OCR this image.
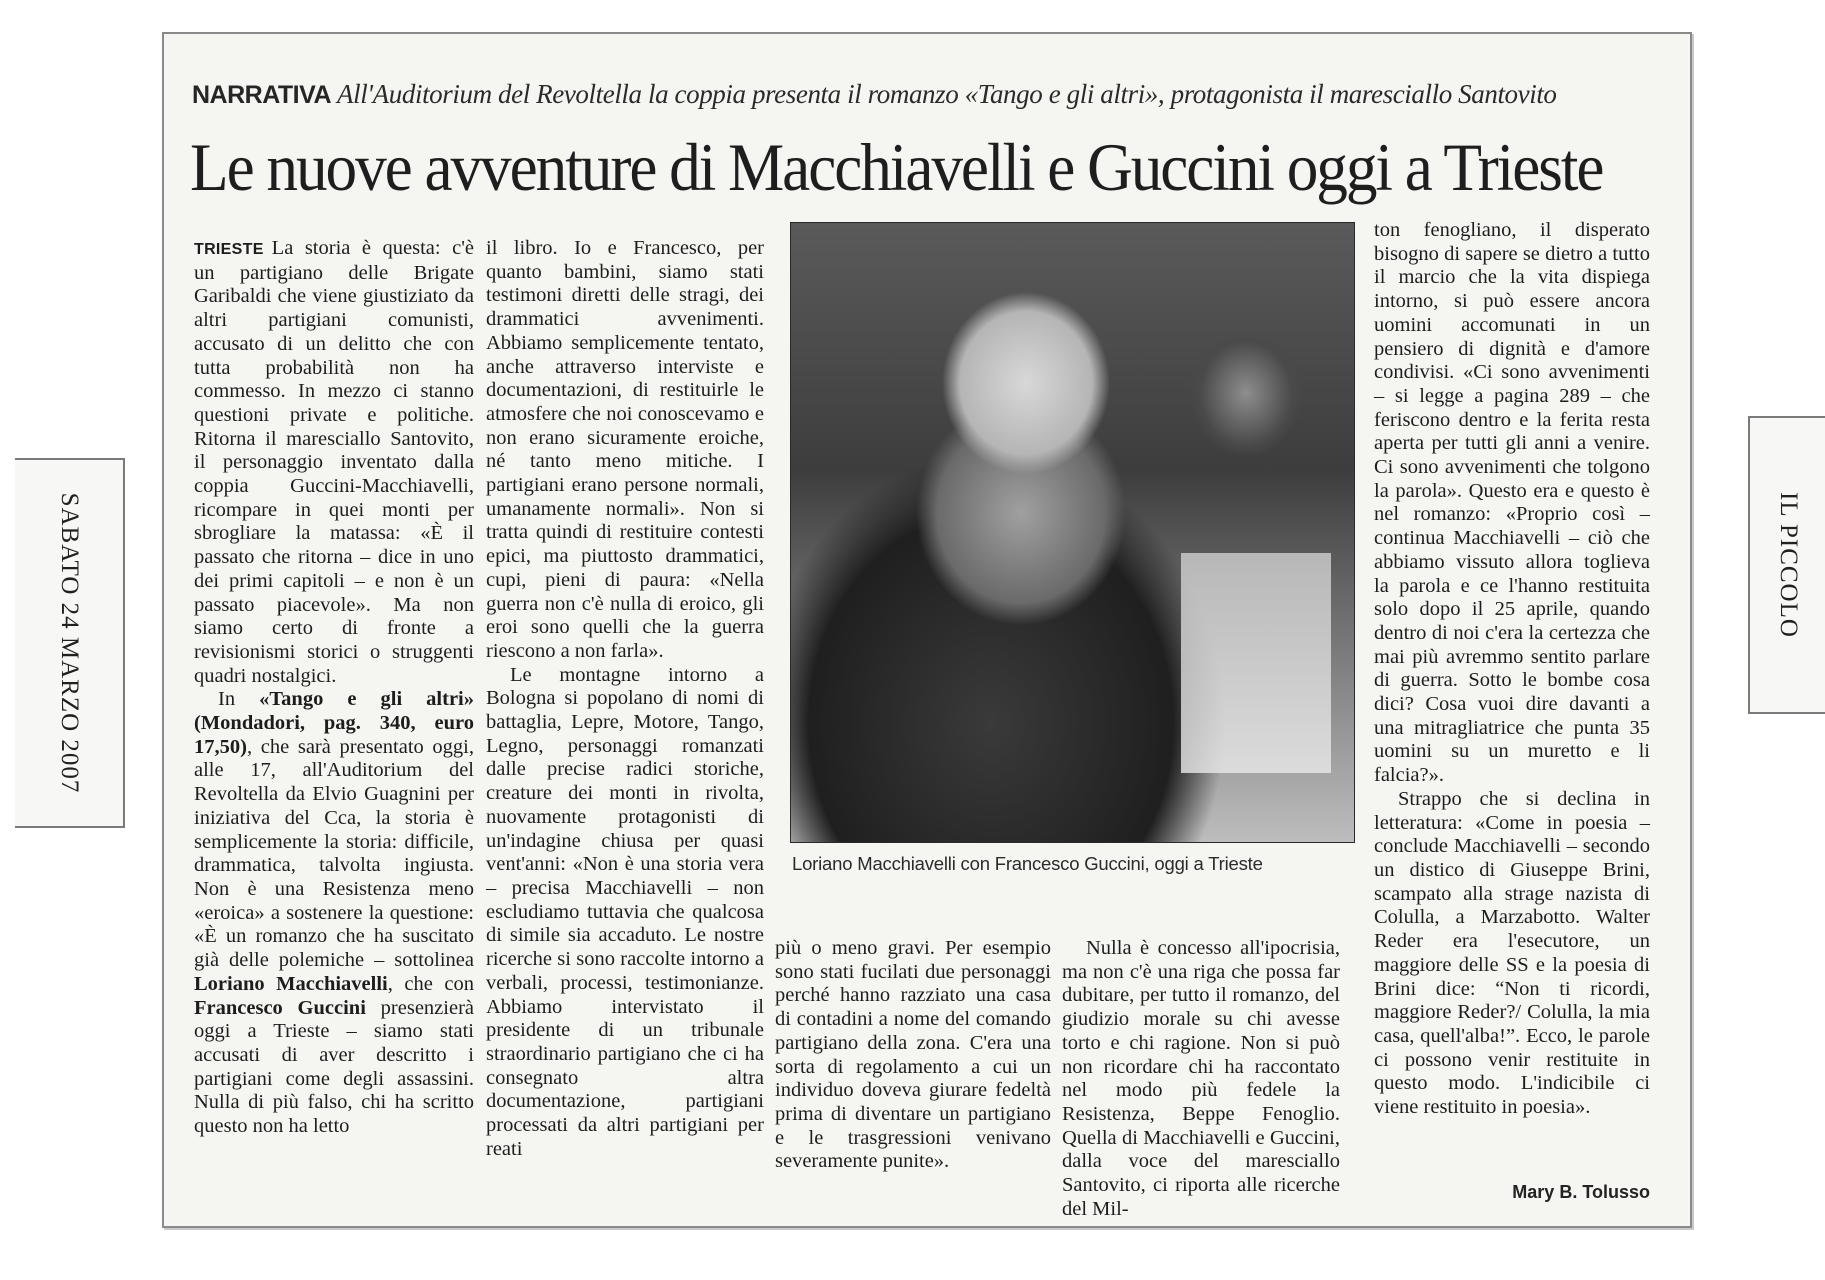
SABATO 24 MARZO 2007	IL PICCOLO
NARRATIVA All'Auditorium del Revoltella la coppia presenta il romanzo «Tango e gli altri», protagonista il maresciallo Santovito
Le nuove avventure di Macchiavelli e Guccini oggi a Trieste

TRIESTE La storia è questa: c'è un partigiano delle Brigate Garibaldi che viene giustiziato da altri partigiani comunisti, accusato di un delitto che con tutta probabilità non ha commesso. In mezzo ci stanno questioni private e politiche. Ritorna il maresciallo Santovito, il personaggio inventato dalla coppia Guccini-Macchiavelli, ricompare in quei monti per sbrogliare la matassa: «È il passato che ritorna – dice in uno dei primi capitoli – e non è un passato piacevole». Ma non siamo certo di fronte a revisionismi storici o struggenti quadri nostalgici.

In «Tango e gli altri» (Mondadori, pag. 340, euro 17,50), che sarà presentato oggi, alle 17, all'Auditorium del Revoltella da Elvio Guagnini per iniziativa del Cca, la storia è semplicemente la storia: difficile, drammatica, talvolta ingiusta. Non è una Resistenza meno «eroica» a sostenere la questione: «È un romanzo che ha suscitato già delle polemiche – sottolinea Loriano Macchiavelli, che con Francesco Guccini presenzierà oggi a Trieste – siamo stati accusati di aver descritto i partigiani come degli assassini. Nulla di più falso, chi ha scritto questo non ha letto

il libro. Io e Francesco, per quanto bambini, siamo stati testimoni diretti delle stragi, dei drammatici avvenimenti. Abbiamo semplicemente tentato, anche attraverso interviste e documentazioni, di restituirle le atmosfere che noi conoscevamo e non erano sicuramente eroiche, né tanto meno mitiche. I partigiani erano persone normali, umanamente normali». Non si tratta quindi di restituire contesti epici, ma piuttosto drammatici, cupi, pieni di paura: «Nella guerra non c'è nulla di eroico, gli eroi sono quelli che la guerra riescono a non farla».

Le montagne intorno a Bologna si popolano di nomi di battaglia, Lepre, Motore, Tango, Legno, personaggi romanzati dalle precise radici storiche, creature dei monti in rivolta, nuovamente protagonisti di un'indagine chiusa per quasi vent'anni: «Non è una storia vera – precisa Macchiavelli – non escludiamo tuttavia che qualcosa di simile sia accaduto. Le nostre ricerche si sono raccolte intorno a verbali, processi, testimonianze. Abbiamo intervistato il presidente di un tribunale straordinario partigiano che ci ha consegnato altra documentazione, partigiani processati da altri partigiani per reati

Loriano Macchiavelli con Francesco Guccini, oggi a Trieste

più o meno gravi. Per esempio sono stati fucilati due personaggi perché hanno razziato una casa di contadini a nome del comando partigiano della zona. C'era una sorta di regolamento a cui un individuo doveva giurare fedeltà prima di diventare un partigiano e le trasgressioni venivano severamente punite».

Nulla è concesso all'ipocrisia, ma non c'è una riga che possa far dubitare, per tutto il romanzo, del giudizio morale su chi avesse torto e chi ragione. Non si può non ricordare chi ha raccontato nel modo più fedele la Resistenza, Beppe Fenoglio. Quella di Macchiavelli e Guccini, dalla voce del maresciallo Santovito, ci riporta alle ricerche del Mil-

ton fenogliano, il disperato bisogno di sapere se dietro a tutto il marcio che la vita dispiega intorno, si può essere ancora uomini accomunati in un pensiero di dignità e d'amore condivisi. «Ci sono avvenimenti – si legge a pagina 289 – che feriscono dentro e la ferita resta aperta per tutti gli anni a venire. Ci sono avvenimenti che tolgono la parola». Questo era e questo è nel romanzo: «Proprio così – continua Macchiavelli – ciò che abbiamo vissuto allora toglieva la parola e ce l'hanno restituita solo dopo il 25 aprile, quando dentro di noi c'era la certezza che mai più avremmo sentito parlare di guerra. Sotto le bombe cosa dici? Cosa vuoi dire davanti a una mitragliatrice che punta 35 uomini su un muretto e li falcia?».

Strappo che si declina in letteratura: «Come in poesia – conclude Macchiavelli – secondo un distico di Giuseppe Brini, scampato alla strage nazista di Colulla, a Marzabotto. Walter Reder era l'esecutore, un maggiore delle SS e la poesia di Brini dice: “Non ti ricordi, maggiore Reder?/ Colulla, la mia casa, quell'alba!”. Ecco, le parole ci possono venir restituite in questo modo. L'indicibile ci viene restituito in poesia».

Mary B. Tolusso
